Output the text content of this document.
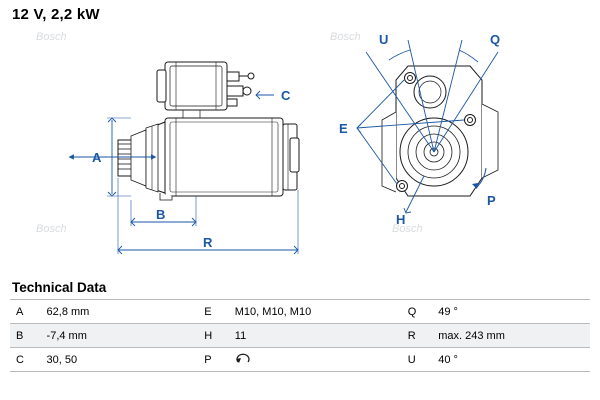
12 V, 2,2 kW
A
B
R
C
U	Q
E
H
P
Bosch
Bosch
Bosch
Bosch
Technical Data
A	62,8 mm	E	M10, M10, M10	Q	49 °
B	-7,4 mm	H	11	R	max. 243 mm
C	30, 50	P		U	40 °
